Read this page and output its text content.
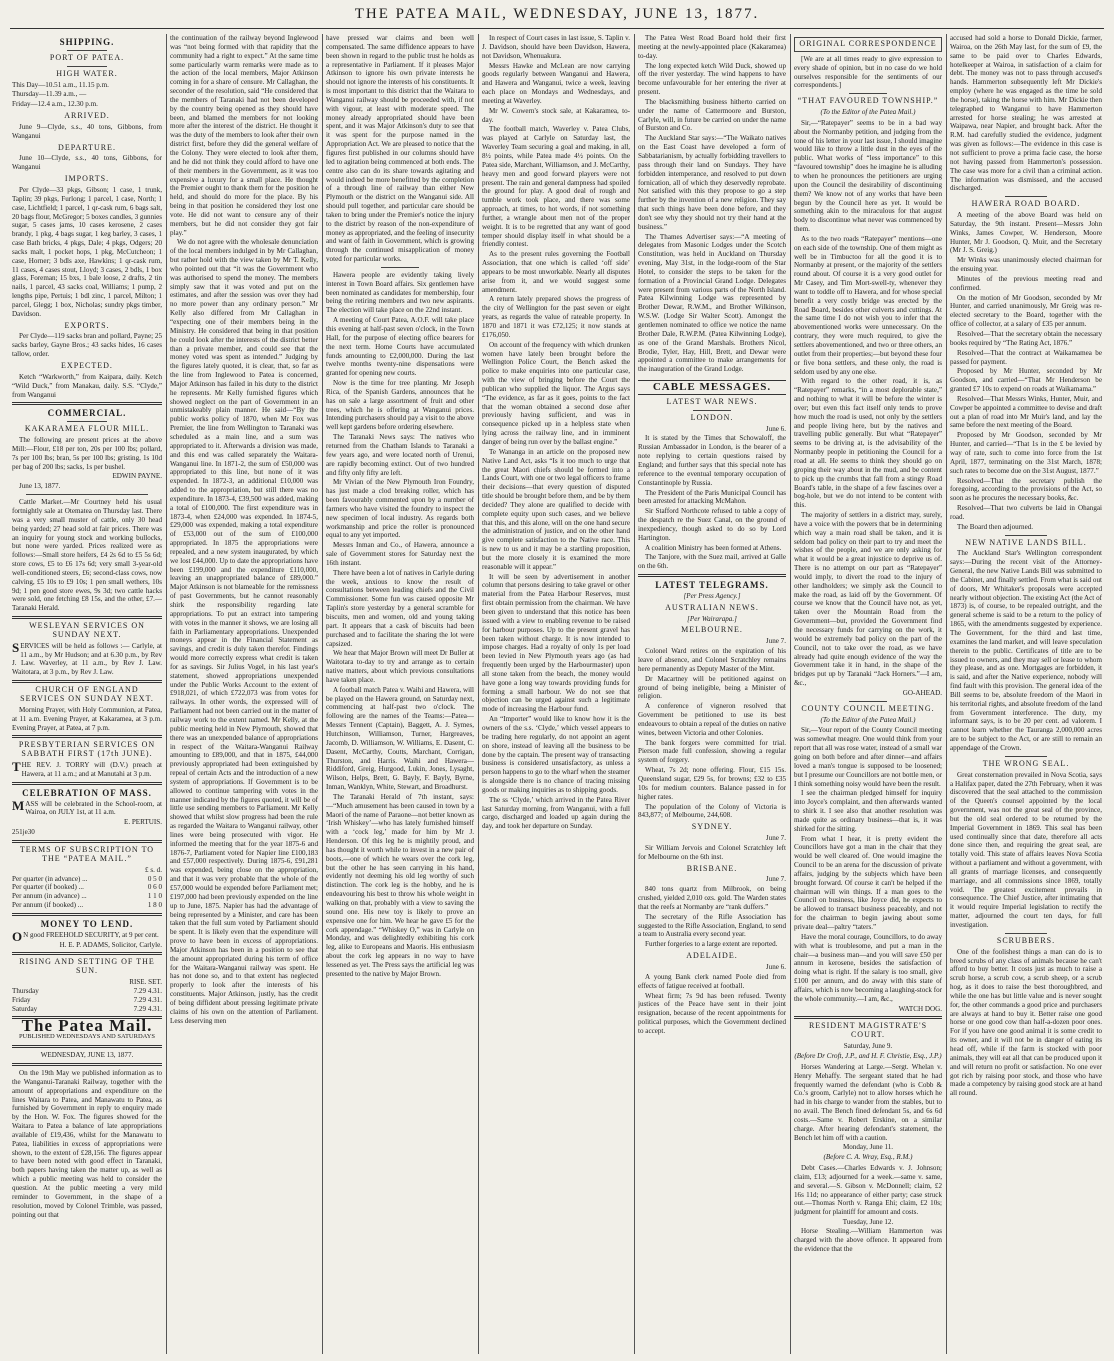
THE PATEA MAIL, WEDNESDAY, JUNE 13, 1877.
SHIPPING.
PORT OF PATEA.
HIGH WATER.

This Day—10.51 a.m., 11.15 p.m.

Thursday—11.39 a.m., —

Friday—12.4 a.m., 12.30 p.m.

ARRIVED.

June 9—Clyde, s.s., 40 tons, Gibbons, from Wanganui

DEPARTURE.

June 10—Clyde, s.s., 40 tons, Gibbons, for Wanganui

IMPORTS.

Per Clyde—33 pkgs, Gibson; 1 case, 1 trunk, Taplin; 39 pkgs, Furlong; 1 parcel, 1 case, North; 1 case, Lichtfield; 1 parcel, 1 qr-cask rum, 6 bags salt, 20 bags flour, McGregor; 5 boxes candles, 3 gunnies sugar, 5 cases jams, 10 cases kerosene, 2 cases brandy, 1 pkg, 4 bags sugar, 1 keg barley, 3 cases, 1 case Bath bricks, 4 pkgs, Dale; 4 pkgs, Odgers; 20 sacks malt, 1 pocket hops, 1 pkg, McCutcheon; 1 case, Horner; 3 bdls axe, Hawkins; 1 qr-cask rum, 11 cases, 4 cases stout, Lloyd; 3 cases, 2 bdls, 1 box glass, Foreman; 15 bxs, 1 bale loose, 2 drafts, 2 tin nails, 1 parcel, 43 sacks coal, Williams; 1 pump, 2 lengths pipe, Pertuis; 1 bdl zinc, 1 parcel, Milton; 1 parcel, Glegg; 1 box, Nicholas; sundry pkgs timber, Davidson.

EXPORTS.

Per Clyde—119 sacks bran and pollard, Payne; 25 sacks barley, Gayne Bros.; 43 sacks hides, 16 cases tallow, order.

EXPECTED.

Ketch “Warkworth,” from Kaipara, daily. Ketch “Wild Duck,” from Manakau, daily. S.S. “Clyde,” from Wanganui

COMMERCIAL.
KAKARAMEA FLOUR MILL.

The following are present prices at the above Mill:—Flour, £18 per ton, 20s per 100 lbs; pollard, 7s per 100 lbs; bran, 5s per 100 lbs; gristing, 1s 10d per bag of 200 lbs; sacks, 1s per bushel.

EDWIN PAYNE.

June 13, 1877.

Cattle Market.—Mr Courtney held his usual fortnightly sale at Otematea on Thursday last. There was a very small muster of cattle, only 30 head being yarded; 27 head sold at fair prices. There was an inquiry for young stock and working bullocks, but none were yarded. Prices realized were as follows:—Small store heifers, £4 2s 6d to £5 5s 6d; store cows, £5 to £6 17s 6d; very small 3-year-old well-conditioned steers, £6; second-class cows, now calving, £5 10s to £9 10s; 1 pen small wethers, 10s 9d; 1 pen good store ewes, 9s 3d; two cattle hacks were sold, one fetching £8 15s, and the other, £7.—Taranaki Herald.

WESLEYAN SERVICES ON SUNDAY NEXT.

SERVICES will be held as follows :— Carlyle, at 11 a.m., by Mr Hudson; and at 6.30 p.m., by Rev J. Law. Waverley, at 11 a.m., by Rev J. Law. Waitotara, at 3 p.m., by Rev J. Law.

CHURCH OF ENGLAND SERVICES ON SUNDAY NEXT.

Morning Prayer, with Holy Communion, at Patea, at 11 a.m. Evening Prayer, at Kakaramea, at 3 p.m. Evening Prayer, at Patea, at 7 p.m.

PRESBYTERIAN SERVICES ON SABBATH FIRST (17th JUNE).

THE REV. J. TORRY will (D.V.) preach at Hawera, at 11 a.m.; and at Manutahi at 3 p.m.

CELEBRATION OF MASS.

MASS will be celebrated in the School-room, at Wairoa, on JULY 1st, at 11 a.m.

E. PERTUIS.

251je30

TERMS OF SUBSCRIPTION TO THE “PATEA MAIL.”
	£ s. d.
Per quarter (in advance) ...	0 5 0
Per quarter (if booked) ...	0 6 0
Per annum (in advance) ...	1 1 0
Per annum (if booked) ...	1 8 0
MONEY TO LEND.

O N good FREEHOLD SECURITY, at 9 per cent.

H. E. P. ADAMS, Solicitor, Carlyle.

RISING AND SETTING OF THE SUN.
	RISE. SET.
Thursday	7.29 4.31.
Friday	7.29 4.31.
Saturday	7.29 4.31.
The Patea Mail.
PUBLISHED WEDNESDAYS AND SATURDAYS
WEDNESDAY, JUNE 13, 1877.

On the 19th May we published information as to the Wanganui-Taranaki Railway, together with the amount of appropriations and expenditure on the lines Waitara to Patea, and Manawatu to Patea, as furnished by Government in reply to enquiry made by the Hon. W. Fox. The figures showed for the Waitara to Patea a balance of late appropriations available of £19,436, whilst for the Manawatu to Patea, liabilities in excess of appropriations were shown, to the extent of £28,156. The figures appear to have been noted with good effect in Taranaki, both papers having taken the matter up, as well as which a public meeting was held to consider the question. At the public meeting a very mild reminder to Government, in the shape of a resolution, moved by Colonel Trimble, was passed, pointing out that

the continuation of the railway beyond Inglewood was “not being formed with that rapidity that the community had a right to expect.” At the same time some particularly warm remarks were made as to the action of the local members, Major Atkinson coming in for a share of censure. Mr Callaghan, the seconder of the resolution, said “He considered that the members of Taranaki had not been developed by the country being opened as they should have been, and blamed the members for not looking more after the interest of the district. He thought it was the duty of the members to look after their own district first, before they did the general welfare of the Colony. They were elected to look after them, and he did not think they could afford to have one of their members in the Government, as it was too expensive a luxury for a small place. He thought the Premier ought to thank them for the position he held, and should do more for the place. By his being in that position he considered they lost one vote. He did not want to censure any of their members, but he did not consider they got fair play.”

We do not agree with the wholesale denunciation of the local members indulged in by Mr Callaghan, but rather hold with the view taken by Mr T. Kelly, who pointed out that “it was the Government who was authorised to spend the money. The members simply saw that it was voted and put on the estimates, and after the session was over they had no more power than any ordinary person.” Mr Kelly also differed from Mr Callaghan in “expecting one of their members being in the Ministry. He considered that being in that position he could look after the interests of the district better than a private member, and could see that the money voted was spent as intended.” Judging by the figures lately quoted, it is clear, that, so far as the line from Inglewood to Patea is concerned, Major Atkinson has failed in his duty to the district he represents. Mr Kelly furnished figures which showed neglect on the part of Government in an unmistakeably plain manner. He said—“By the public works policy of 1870, when Mr Fox was Premier, the line from Wellington to Taranaki was scheduled as a main line, and a sum was appropriated to it. Afterwards a division was made, and this end was called separately the Waitara-Wanganui line. In 1871-2, the sum of £50,000 was appropriated to this line, but none of it was expended. In 1872-3, an additional £10,000 was added to the appropriation, but still there was no expenditure. In 1873-4, £39,500 was added, making a total of £100,000. The first expenditure was in 1873-4, when £24,000 was expended. In 1874-5, £29,000 was expended, making a total expenditure of £53,000 out of the sum of £100,000 appropriated. In 1875 the appropriations were repealed, and a new system inaugurated, by which we lost £44,000. Up to date the appropriations have been £199,000 and the expenditure £110,000, leaving an unappropriated balance of £89,000.” Major Atkinson is not blameable for the remissness of past Governments, but he cannot reasonably shirk the responsibility regarding late appropriations. To put an extract into tampering with votes in the manner it shows, we are losing all faith in Parliamentary appropriations. Unexpended moneys appear in the Financial Statement as savings, and credit is duly taken therefor. Findings would more correctly express what credit is taken for as savings. Sir Julius Vogel, in his last year's statement, showed appropriations unexpended under the Public Works Account to the extent of £918,021, of which £722,073 was from votes for railways. In other words, the expressed will of Parliament had not been carried out in the matter of railway work to the extent named. Mr Kelly, at the public meeting held in New Plymouth, showed that there was an unexpended balance of appropriations in respect of the Waitara-Wanganui Railway amounting to £89,000, and that in 1875, £44,000 previously appropriated had been extinguished by repeal of certain Acts and the introduction of a new system of appropriations. If Government is to be allowed to continue tampering with votes in the manner indicated by the figures quoted, it will be of little use sending members to Parliament. Mr Kelly showed that whilst slow progress had been the rule as regarded the Waitara to Wanganui railway, other lines were being prosecuted with vigor. He informed the meeting that for the year 1875-6 and 1876-7, Parliament voted for Napier line £100,183 and £57,000 respectively. During 1875-6, £91,281 was expended, being close on the appropriation, and that it was very probable that the whole of the £57,000 would be expended before Parliament met; £197,000 had been previously expended on the line up to June, 1875. Napier has had the advantage of being represented by a Minister, and care has been taken that the full sum voted by Parliament should be spent. It is likely even that the expenditure will prove to have been in excess of appropriations. Major Atkinson has been in a position to see that the amount appropriated during his term of office for the Waitara-Wanganui railway was spent. He has not done so, and to that extent has neglected properly to look after the interests of his constituents. Major Atkinson, justly, has the credit of being diffident about pressing legitimate private claims of his own on the attention of Parliament. Less deserving men

have pressed war claims and been well compensated. The same diffidence appears to have been shown in regard to the public trust he holds as a representative in Parliament. If it pleases Major Atkinson to ignore his own private interests he should not ignore the interests of his constituents. It is most important to this district that the Waitara to Wanganui railway should be proceeded with, if not with vigour, at least with moderate speed. The money already appropriated should have been spent, and it was Major Atkinson's duty to see that it was spent for the purpose named in the Appropriation Act. We are pleased to notice that the figures first published in our columns should have led to agitation being commenced at both ends. The centre also can do its share towards agitating and would indeed be more benefitted by the completion of a through line of railway than either New Plymouth or the district on the Wanganui side. All should pull together, and particular care should be taken to bring under the Premier's notice the injury to the district by reason of the non-expenditure of money as appropriated, and the feeling of insecurity and want of faith in Government, which is growing through the continued misapplication of money voted for particular works.

Hawera people are evidently taking lively interest in Town Board affairs. Six gentlemen have been nominated as candidates for membership, four being the retiring members and two new aspirants. The election will take place on the 22nd instant.

A meeting of Court Patea, A.O.F. will take place this evening at half-past seven o'clock, in the Town Hall, for the purpose of electing office bearers for the next term. Home Courts have accumulated funds amounting to £2,000,000. During the last twelve months twenty-nine dispensations were granted for opening new courts.

Now is the time for tree planting. Mr Joseph Rica, of the Spanish Gardens, announces that he has on sale a large assortment of fruit and other trees, which he is offering at Wanganui prices. Intending purchasers should pay a visit to the above well kept gardens before ordering elsewhere.

The Taranaki News says: The natives who returned from the Chatham Islands to Taranaki a few years ago, and were located north of Urenui, are rapidly becoming extinct. Out of two hundred and fifty only fifty are left.

Mr Vivian of the New Plymouth Iron Foundry, has just made a clod breaking roller, which has been favourably commented upon by a number of farmers who have visited the foundry to inspect the new specimen of local industry. As regards both workmanship and price the roller is pronounced equal to any yet imported.

Messrs Inman and Co., of Hawera, announce a sale of Government stores for Saturday next the 16th instant.

There have been a lot of natives in Carlyle during the week, anxious to know the result of consultations between leading chiefs and the Civil Commissioner. Some fun was caused opposite Mr Taplin's store yesterday by a general scramble for biscuits, men and women, old and young taking part. It appears that a cask of biscuits had been purchased and to facilitate the sharing the lot were capsized.

We hear that Major Brown will meet Dr Buller at Waitotara to-day to try and arrange as to certain native matters, about which previous consultations have taken place.

A football match Patea v. Waihi and Hawera, will be played on the Hawera ground, on Saturday next, commencing at half-past two o'clock. The following are the names of the Teams:—Patea—Messrs Tennent (Captain), Baggett, A. J. Symes, Hutchinson, Williamson, Turner, Hargreaves, Jacomb, D. Williamson, W. Williams, E. Dasent, C. Dasent, McCarthy, Coutts, Marchant, Corrigan, Thurston, and Harris. Waihi and Hawera—Riddiford, Greig, Hurgood, Lukin, Jones, Lysaght, Wilson, Helps, Brett, G. Bayly, F. Bayly, Byrne, Inman, Wanklyn, White, Stewart, and Broadhurst.

The Taranaki Herald of 7th instant, says:—“Much amusement has been caused in town by a Maori of the name of Paraone—not better known as ‘Irish Whiskey’—who has lately furnished himself with a ‘cock leg,’ made for him by Mr J. Henderson. Of this leg he is mightily proud, and has thought it worth while to invest in a new pair of boots,—one of which he wears over the cork leg, but the other he has seen carrying in his hand, evidently not deeming his old leg worthy of such distinction. The cork leg is the hobby, and he is endeavouring his best to throw his whole weight in walking on that, probably with a view to saving the sound one. His new toy is likely to prove an expensive one for him. We hear he gave £5 for the cork appendage.” “Whiskey O,” was in Carlyle on Monday, and was delightedly exhibiting his cork leg, alike to Europeans and Maoris. His enthusiasm about the cork leg appears in no way to have lessened as yet. The Press says the artificial leg was presented to the native by Major Brown.

In respect of Court cases in last issue, S. Taplin v. J. Davidson, should have been Davidson, Hawera, not Davidson, Whenuakura.

Messrs Hawke and McLean are now carrying goods regularly between Wanganui and Hawera, and Hawera and Wanganui, twice a week, leaving each place on Mondays and Wednesdays, and meeting at Waverley.

Mr W. Cowern's stock sale, at Kakaramea, to-day.

The football match, Waverley v. Patea Clubs, was played at Carlyle on Saturday last, the Waverley Team securing a goal and making, in all, 8½ points, while Patea made 4½ points. On the Patea side, Marchant, Williamson, and J. McCarthy, heavy men and good forward players were not present. The rain and general dampness had spoiled the ground for play. A good deal of rough and tumble work took place, and there was some approach, at times, to hot words, if not something further, a wrangle about men not of the proper weight. It is to be regretted that any want of good temper should display itself in what should be a friendly contest.

As to the present rules governing the Football Association, that one which is called ‘off side’ appears to be most unworkable. Nearly all disputes arise from it, and we would suggest some amendment.

A return lately prepared shows the progress of the city of Wellington for the past seven or eight years, as regards the value of rateable property. In 1870 and 1871 it was £72,125; it now stands at £176,050.

On account of the frequency with which drunken women have lately been brought before the Wellington Police Court, the Bench asked the police to make enquiries into one particular case, with the view of bringing before the Court the publican who supplied the liquor. The Argus says “The evidence, as far as it goes, points to the fact that the woman obtained a second dose after previously having sufficient, and was in consequence picked up in a helpless state when lying across the railway line, and in imminent danger of being run over by the ballast engine.”

Te Wananga in an article on the proposed new Native Land Act, asks “Is it too much to urge that the great Maori chiefs should be formed into a Lands Court, with one or two legal officers to frame their decisions—that every question of disputed title should be brought before them, and be by them decided? They alone are qualified to decide with complete equity upon such cases, and we believe that this, and this alone, will on the one hand secure the administration of justice, and on the other hand give complete satisfaction to the Native race. This is new to us and it may be a startling proposition, but the more closely it is examined the more reasonable will it appear.”

It will be seen by advertisement in another column that persons desiring to take gravel or other material from the Patea Harbour Reserves, must first obtain permission from the chairman. We have been given to understand that this notice has been issued with a view to enabling revenue to be raised for harbour purposes. Up to the present gravel has been taken without charge. It is now intended to impose charges. Had a royalty of only 1s per load been levied in New Plymouth years ago (as had frequently been urged by the Harbourmaster) upon all stone taken from the beach, the money would have gone a long way towards providing funds for forming a small harbour. We do not see that objection can be urged against such a legitimate mode of increasing the Harbour fund.

An “Importer” would like to know how it is the owners of the s.s. ‘Clyde,’ which vessel appears to be trading here regularly, do not appoint an agent on shore, instead of leaving all the business to be done by the captain. The present way of transacting business is considered unsatisfactory, as unless a person happens to go to the wharf when the steamer is alongside there is no chance of tracing missing goods or making inquiries as to shipping goods.

The ss ‘Clyde,’ which arrived in the Patea River last Saturday morning, from Wanganui, with a full cargo, discharged and loaded up again during the day, and took her departure on Sunday.

The Patea West Road Board hold their first meeting at the newly-appointed place (Kakaramea) to-day.

The long expected ketch Wild Duck, showed up off the river yesterday. The wind happens to have become unfavourable for her entering the river at present.

The blacksmithing business hitherto carried on under the name of Cattermoore and Burston, Carlyle, will, in future be carried on under the name of Burston and Co.

The Auckland Star says:—“The Waikato natives on the East Coast have developed a form of Sabbatarianism, by actually forbidding travellers to pass through their land on Sundays. They have forbidden intemperance, and resolved to put down fornication, all of which they deservedly reprobate. Not satisfied with this they propose to go a step further by the invention of a new religion. They say that such things have been done before, and they don't see why they should not try their hand at the business.”

The Thames Advertiser says:—“A meeting of delegates from Masonic Lodges under the Scotch Constitution, was held in Auckland on Thursday evening, May 31st, in the lodge-room of the Star Hotel, to consider the steps to be taken for the formation of a Provincial Grand Lodge. Delegates were present from various parts of the North Island. Patea Kilwinning Lodge was represented by Brother Dewar, R.W.M., and Brother Wilkinson, W.S.W. (Lodge Sir Walter Scott). Amongst the gentlemen nominated to office we notice the name Brother Dale, R.W.P.M. (Patea Kilwinning Lodge), as one of the Grand Marshals. Brothers Nicol, Brodie, Tyler, Hay, Hill, Brett, and Dewar were appointed a committee to make arrangements for the inauguration of the Grand Lodge.

CABLE MESSAGES.
LATEST WAR NEWS.
LONDON.

June 6.

It is stated by the Times that Schowaloff, the Russian Ambassador in London, is the bearer of a note replying to certain questions raised by England; and further says that this special note has reference to the eventual temporary occupation of Constantinople by Russia.

The President of the Paris Municipal Council has been arrested for attacking McMahon.

Sir Stafford Northcote refused to table a copy of the despatch re the Suez Canal, on the ground of inexpediency, though asked to do so by Lord Hartington.

A coalition Ministry has been formed at Athens.

The Tanjore, with the Suez mail, arrived at Galle on the 6th.

LATEST TELEGRAMS.
[Per Press Agency.]
AUSTRALIAN NEWS.
[Per Wairarapa.]
MELBOURNE.

June 7.

Colonel Ward retires on the expiration of his leave of absence, and Colonel Scratchley remains here permanently as Deputy Master of the Mint.

Dr Macartney will be petitioned against on ground of being ineligible, being a Minister of religion.

A conference of vigneron resolved that Government be petitioned to use its best endeavours to obtain a repeal of the duties on native wines, between Victoria and other Colonies.

The bank forgers were committed for trial. Pierson made full confession, showing a regular system of forgery.

Wheat, 7s 2d; none offering. Flour, £15 15s. Queensland sugar, £29 5s, for browns; £32 to £35 10s for medium counters. Balance passed in for higher rates.

The population of the Colony of Victoria is 843,877; of Melbourne, 244,608.

SYDNEY.

June 7.

Sir William Jervois and Colonel Scratchley left for Melbourne on the 6th inst.

BRISBANE.

June 7.

840 tons quartz from Milbrook, on being crushed, yielded 2,010 ozs. gold. The Warden states that the reefs at Normanby are “rank duffers.”

The secretary of the Rifle Association has suggested to the Rifle Association, England, to send a team to Australia every second year.

Further forgeries to a large extent are reported.

ADELAIDE.

June 6.

A young Bank clerk named Poole died from effects of fatigue received at football.

Wheat firm; 7s 9d has been refused. Twenty justices of the Peace have sent in their joint resignation, because of the recent appointments for political purposes, which the Government declined to accept.

ORIGINAL CORRESPONDENCE

[We are at all times ready to give expression to every shade of opinion, but in no case do we hold ourselves responsible for the sentiments of our correspondents.]

“THAT FAVOURED TOWNSHIP.”
(To the Editor of the Patea Mail.)

Sir,—“Ratepayer” seems to be in a bad way about the Normanby petition, and judging from the tone of his letter in your last issue, I should imagine would like to throw a little dust in the eyes of the public. What works of “less importance” to this “favoured township” does he imagine he is alluding to when he pronounces the petitioners are urging upon the Council the desirability of discontinuing them? We know not of any works that have been begun by the Council here as yet. It would be something akin to the miraculous for that august body to discontinue what never was commenced by them.

As to the two roads “Ratepayer” mentions—one on each side of the township. One of them might as well be in Timbuctoo for all the good it is to Normanby at present, or the majority of the settlers round about. Of course it is a very good outlet for Mr Casey, and Tim Mort-swell-ty, whenever they want to toddle off to Hawera, and for whose special benefit a very costly bridge was erected by the Road Board, besides other culverts and cuttings. At the same time I do not wish you to infer that the abovementioned works were unnecessary. On the contrary, they were much required, to give the settlers abovementioned, and two or three others, an outlet from their properties;—but beyond these four or five bona settlers, and these only, the road is seldom used by any one else.

With regard to the other road, it is, as “Ratepayer” remarks, “in a most deplorable state,” and nothing to what it will be before the winter is over; but even this fact itself only tends to prove how much the road is used, not only by the settlers and people living here, but by the natives and travelling public generally. But what “Ratepayer” seems to be driving at, is the advisability of the Normanby people in petitioning the Council for a road at all. He seems to think they should go on groping their way about in the mud, and be content to pick up the crumbs that fall from a stingy Road Board's table, in the shape of a few fascines over a bog-hole, but we do not intend to be content with this.

The majority of settlers in a district may, surely, have a voice with the powers that be in determining which way a main road shall be taken, and it is seldom bad policy on their part to try and meet the wishes of the people, and we are only asking for what it would be a great injustice to deprive us of. There is no attempt on our part as “Ratepayer” would imply, to divert the road to the injury of other landholders; we simply ask the Council to make the road, as laid off by the Government. Of course we know that the Council have not, as yet, taken over the Mountain Road from the Government—but, provided the Government find the necessary funds for carrying on the work, it would be extremely bad policy on the part of the Council, not to take over the road, as we have already had quite enough evidence of the way the Government take it in hand, in the shape of the bridges put up by Taranaki “Jack Horners.”—I am, &c.,

GO-AHEAD.

COUNTY COUNCIL MEETING.
(To the Editor of the Patea Mail.)

Sir,—Your report of the County Council meeting was somewhat meagre. One would think from your report that all was rose water, instead of a small war going on both before and after dinner—and affairs loved a man's tongue is supposed to be loosened; but I presume our Councillors are not bottle men, or I think something noisy would have been the result.

I see the chairman pledged himself for inquiry into Joyce's complaint, and then afterwards wanted to shirk it. I see also that another resolution was made quite as ordinary business—that is, it was shirked for the sitting.

From what I hear, it is pretty evident the Councillors have got a man in the chair that they would be well cleared of. One would imagine the Council to be an arena for the discussion of private affairs, judging by the subjects which have been brought forward. Of course it can't be helped if the chairman will win things. If a man goes to the Council on business, like Joyce did, he expects to be allowed to transact business peaceably, and not for the chairman to begin jawing about some private deal—paltry “taters.”

Have the moral courage, Councillors, to do away with what is troublesome, and put a man in the chair—a business man—and you will save £50 per annum in kerosene, besides the satisfaction of doing what is right. If the salary is too small, give £100 per annum, and do away with this state of affairs, which is now becoming a laughing-stock for the whole community.—I am, &c.,

WATCH DOG.

RESIDENT MAGISTRATE'S COURT.
Saturday, June 9.
(Before Dr Croft, J.P., and H. F. Christie, Esq., J.P.)

Horses Wandering at Large.—Sergt. Whelan v. Henry Mehaffy. The sergeant stated that he had frequently warned the defendant (who is Cobb & Co.'s groom, Carlyle) not to allow horses which he had in his charge to wander from the stables, but to no avail. The Bench fined defendant 5s, and 6s 6d costs.—Same v. Robert Erskine, on a similar charge. After hearing defendant's statement, the Bench let him off with a caution.

Monday, June 11.
(Before C. A. Wray, Esq., R.M.)

Debt Cases.—Charles Edwards v. J. Johnson; claim, £13; adjourned for a week.—same v. same, and several.—S. Gibson v. McDonnell; claim, £2 16s 11d; no appearance of either party; case struck out.—Thomas North v. Ranga Ehi; claim, £2 10s; judgment for plaintiff for amount and costs.

Tuesday, June 12.

Horse Stealing.—William Hammerton was charged with the above offence. It appeared from the evidence that the

accused had sold a horse to Donald Dickie, farmer, Wairoa, on the 26th May last, for the sum of £9, the same to be paid over to Charles Edwards, hotelkeeper at Wairoa, in satisfaction of a claim for debt. The money was not to pass through accused's hands. Hammerton subsequently left Mr Dickie's employ (where he was engaged as the time he sold the horse), taking the horse with him. Mr Dickie then telegraphed to Wanganui to have Hammerton arrested for horse stealing; he was arrested at Waipawa, near Napier, and brought back. After the R.M. had carefully studied the evidence, judgment was given as follows:—The evidence in this case is not sufficient to prove a prima facie case, the horse not having passed from Hammerton's possession. The case was more for a civil than a criminal action. The information was dismissed, and the accused discharged.

HAWERA ROAD BOARD.

A meeting of the above Board was held on Saturday, the 9th instant. Present—Messrs John Winks, James Cowper, W. Henderson, Moore Hunter, Mr J. Goodson, Q. Muir, and the Secretary (Mr J. S. Greig.)

Mr Winks was unanimously elected chairman for the ensuing year.

Minutes of the previous meeting read and confirmed.

On the motion of Mr Goodson, seconded by Mr Hunter, and carried unanimously, Mr Greig was re-elected secretary to the Board, together with the office of collector, at a salary of £35 per annum.

Resolved—That the secretary obtain the necessary books required by “The Rating Act, 1876.”

Resolved—That the contract at Waikamamea be passed for payment.

Proposed by Mr Hunter, seconded by Mr Goodson, and carried—“That Mr Henderson be granted £7 10s to expend on roads at Waikamama.”

Resolved—That Messrs Winks, Hunter, Muir, and Cowper be appointed a committee to devise and draft out a plan of road into Mr Muir's land, and lay the same before the next meeting of the Board.

Proposed by Mr Goodson, seconded by Mr Hunter, and carried—“That 1s in the £ be levied by way of rate, such to come into force from the 1st April, 1877, terminating on the 31st March, 1878; such rates to become due on the 31st August, 1877.”

Resolved—That the secretary publish the foregoing, according to the provisions of the Act, so soon as he procures the necessary books, &c.

Resolved—That two culverts be laid in Ohangai road.

The Board then adjourned.

NEW NATIVE LANDS BILL.

The Auckland Star's Wellington correspondent says:—During the recent visit of the Attorney-General, the new Native Lands Bill was submitted to the Cabinet, and finally settled. From what is said out of doors, Mr Whitaker's proposals were accepted nearly without objection. The existing Act (the Act of 1873) is, of course, to be repealed outright, and the general scheme is said to be a return to the policy of 1865, with the amendments suggested by experience. The Government, for the third and last time, examines the land market, and will leave speculation therein to the public. Certificates of title are to be issued to owners, and they may sell or lease to whom they please, and as one. Mortgages are forbidden, it is said, and after the Native experience, nobody will find fault with this provision. The general idea of the Bill seems to be, absolute freedom of the Maori in his territorial rights, and absolute freedom of the land from Government interference. The duty, my informant says, is to be 20 per cent. ad valorem. I cannot learn whether the Tauranga 2,000,000 acres are to be subject to the Act, or are still to remain an appendage of the Crown.

THE WRONG SEAL.

Great consternation prevailed in Nova Scotia, says a Halifax paper, dated the 27th February, when it was discovered that the seal attached to the commission of the Queen's counsel appointed by the local government, was not the great seal of the province, but the old seal ordered to be returned by the Imperial Government in 1869. This seal has been used continually since that date, therefore all acts done since then, and requiring the great seal, are totally void. This state of affairs leaves Nova Scotia without a parliament and without a government, with all grants of marriage licenses, and consequently marriage, and all commissions since 1869, totally void. The greatest excitement prevails in consequence. The Chief Justice, after intimating that it would require Imperial legislation to rectify the matter, adjourned the court ten days, for full investigation.

SCRUBBERS.

One of the foolishest things a man can do is to breed scrubs of any class of animals because he can't afford to buy better. It costs just as much to raise a scrub horse, a scrub cow, a scrub sheep, or a scrub hog, as it does to raise the best thoroughbred, and while the one has but little value and is never sought for, the other commands a good price and purchasers are always at hand to buy it. Better raise one good horse or one good cow than half-a-dozen poor ones. For if you have one good animal it is some credit to its owner, and it will not be in danger of eating its head off, while if the farm is stocked with poor animals, they will eat all that can be produced upon it and will return no profit or satisfaction. No one ever got rich by raising poor stock, and those who have made a competency by raising good stock are at hand all round.
